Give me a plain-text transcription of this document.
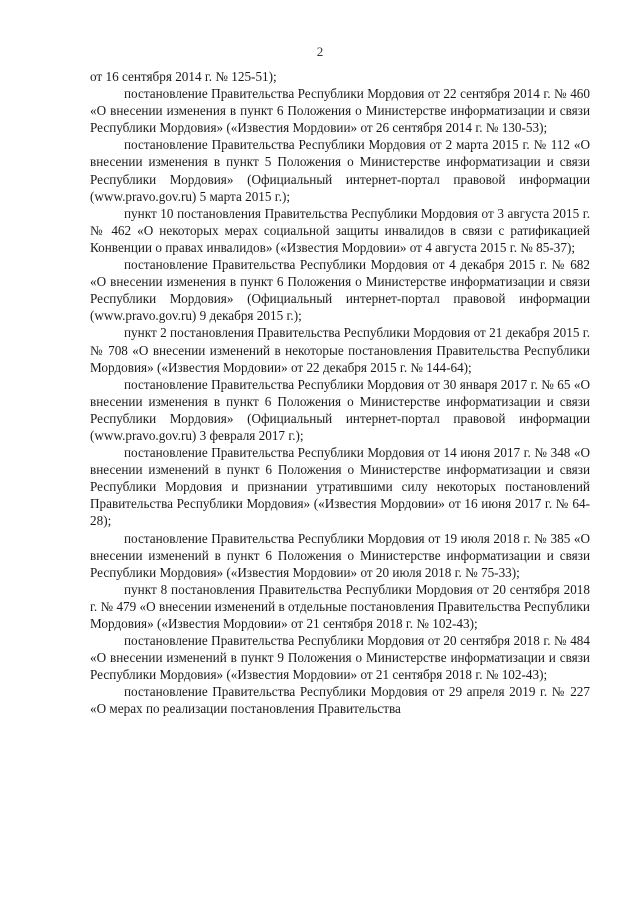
2

от 16 сентября 2014 г. № 125-51);

постановление Правительства Республики Мордовия от 22 сентября 2014 г. № 460 «О внесении изменения в пункт 6 Положения о Министерстве информатизации и связи Республики Мордовия» («Известия Мордовии» от 26 сентября 2014 г. № 130-53);

постановление Правительства Республики Мордовия от 2 марта 2015 г. № 112 «О внесении изменения в пункт 5 Положения о Министерстве информатизации и связи Республики Мордовия» (Официальный интернет-портал правовой информации (www.pravo.gov.ru) 5 марта 2015 г.);

пункт 10 постановления Правительства Республики Мордовия от 3 августа 2015 г. № 462 «О некоторых мерах социальной защиты инвалидов в связи с ратификацией Конвенции о правах инвалидов» («Известия Мордовии» от 4 августа 2015 г. № 85-37);

постановление Правительства Республики Мордовия от 4 декабря 2015 г. № 682 «О внесении изменения в пункт 6 Положения о Министерстве информатизации и связи Республики Мордовия» (Официальный интернет-портал правовой информации (www.pravo.gov.ru) 9 декабря 2015 г.);

пункт 2 постановления Правительства Республики Мордовия от 21 декабря 2015 г. № 708 «О внесении изменений в некоторые постановления Правительства Республики Мордовия» («Известия Мордовии» от 22 декабря 2015 г. № 144-64);

постановление Правительства Республики Мордовия от 30 января 2017 г. № 65 «О внесении изменения в пункт 6 Положения о Министерстве информатизации и связи Республики Мордовия» (Официальный интернет-портал правовой информации (www.pravo.gov.ru) 3 февраля 2017 г.);

постановление Правительства Республики Мордовия от 14 июня 2017 г. № 348 «О внесении изменений в пункт 6 Положения о Министерстве информатизации и связи Республики Мордовия и признании утратившими силу некоторых постановлений Правительства Республики Мордовия» («Известия Мордовии» от 16 июня 2017 г. № 64-28);

постановление Правительства Республики Мордовия от 19 июля 2018 г. № 385 «О внесении изменений в пункт 6 Положения о Министерстве информатизации и связи Республики Мордовия» («Известия Мордовии» от 20 июля 2018 г. № 75-33);

пункт 8 постановления Правительства Республики Мордовия от 20 сентября 2018 г. № 479 «О внесении изменений в отдельные постановления Правительства Республики Мордовия» («Известия Мордовии» от 21 сентября 2018 г. № 102-43);

постановление Правительства Республики Мордовия от 20 сентября 2018 г. № 484 «О внесении изменений в пункт 9 Положения о Министерстве информатизации и связи Республики Мордовия» («Известия Мордовии» от 21 сентября 2018 г. № 102-43);

постановление Правительства Республики Мордовия от 29 апреля 2019 г. № 227 «О мерах по реализации постановления Правительства
